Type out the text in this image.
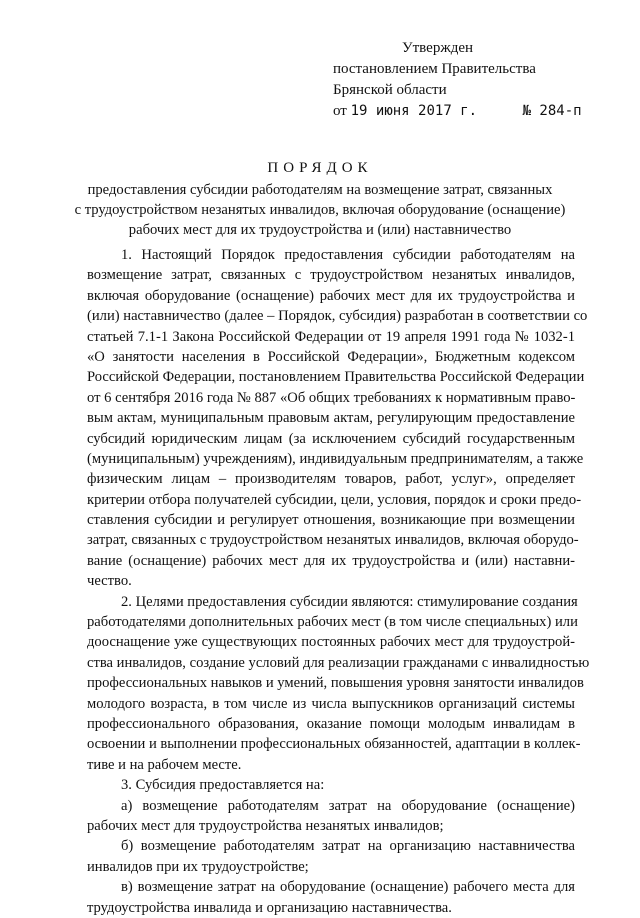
Утвержден
постановлением Правительства
Брянской области
от 19 июня 2017 г.	№ 284-п
ПОРЯДОК
предоставления субсидии работодателям на возмещение затрат, связанных
с трудоустройством незанятых инвалидов, включая оборудование (оснащение)
рабочих мест для их трудоустройства и (или) наставничество
1. Настоящий Порядок предоставления субсидии работодателям на
возмещение затрат, связанных с трудоустройством незанятых инвалидов,
включая оборудование (оснащение) рабочих мест для их трудоустройства и
(или) наставничество (далее – Порядок, субсидия) разработан в соответствии со
статьей 7.1-1 Закона Российской Федерации от 19 апреля 1991 года № 1032-1
«О занятости населения в Российской Федерации», Бюджетным кодексом
Российской Федерации, постановлением Правительства Российской Федерации
от 6 сентября 2016 года № 887 «Об общих требованиях к нормативным право-
вым актам, муниципальным правовым актам, регулирующим предоставление
субсидий юридическим лицам (за исключением субсидий государственным
(муниципальным) учреждениям), индивидуальным предпринимателям, а также
физическим лицам – производителям товаров, работ, услуг», определяет
критерии отбора получателей субсидии, цели, условия, порядок и сроки предо-
ставления субсидии и регулирует отношения, возникающие при возмещении
затрат, связанных с трудоустройством незанятых инвалидов, включая оборудо-
вание (оснащение) рабочих мест для их трудоустройства и (или) наставни-
чество.
2. Целями предоставления субсидии являются: стимулирование создания
работодателями дополнительных рабочих мест (в том числе специальных) или
дооснащение уже существующих постоянных рабочих мест для трудоустрой-
ства инвалидов, создание условий для реализации гражданами с инвалидностью
профессиональных навыков и умений, повышения уровня занятости инвалидов
молодого возраста, в том числе из числа выпускников организаций системы
профессионального образования, оказание помощи молодым инвалидам в
освоении и выполнении профессиональных обязанностей, адаптации в коллек-
тиве и на рабочем месте.
3. Субсидия предоставляется на:
а) возмещение работодателям затрат на оборудование (оснащение)
рабочих мест для трудоустройства незанятых инвалидов;
б) возмещение работодателям затрат на организацию наставничества
инвалидов при их трудоустройстве;
в) возмещение затрат на оборудование (оснащение) рабочего места для
трудоустройства инвалида и организацию наставничества.
